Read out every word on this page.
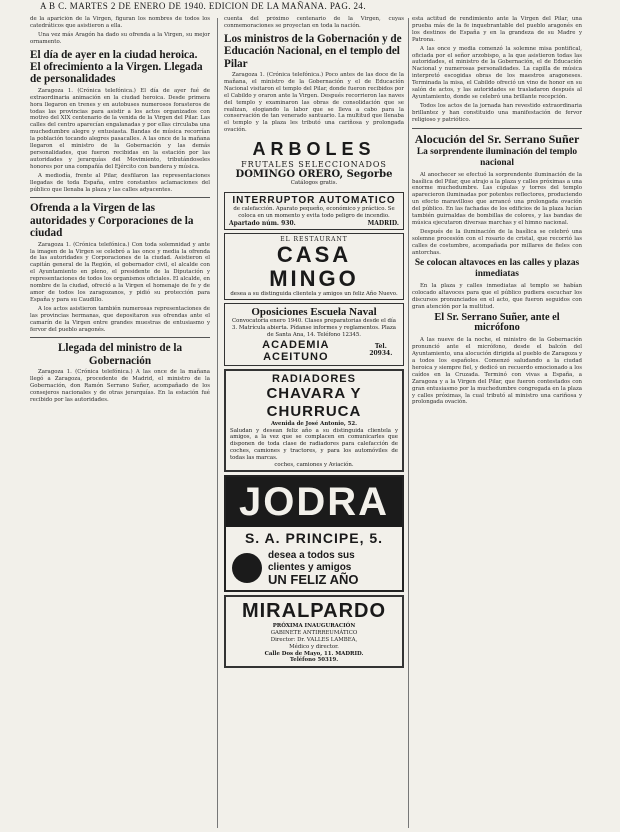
A B C. MARTES 2 DE ENERO DE 1940. EDICION DE LA MAÑANA. PAG. 24.

de la aparición de la Virgen, figuran los nombres de todos los catedráticos que asistieron a ella.

Una vez más Aragón ha dado su ofrenda a la Virgen, su mejor ornamento.

El día de ayer en la ciudad heroica. El ofrecimiento a la Virgen. Llegada de personalidades

Zaragoza 1. (Crónica telefónica.) El día de ayer fué de extraordinaria animación en la ciudad heroica. Desde primera hora llegaron en trenes y en autobuses numerosos forasteros de todas las provincias para asistir a los actos organizados con motivo del XIX centenario de la venida de la Virgen del Pilar. Las calles del centro aparecían engalanadas y por ellas circulaba una muchedumbre alegre y entusiasta. Bandas de música recorrían la población tocando alegres pasacalles. A las once de la mañana llegaron el ministro de la Gobernación y las demás personalidades, que fueron recibidas en la estación por las autoridades y jerarquías del Movimiento, tributándoseles honores por una compañía del Ejército con bandera y música.

A mediodía, frente al Pilar, desfilaron las representaciones llegadas de toda España, entre constantes aclamaciones del público que llenaba la plaza y las calles adyacentes.

Ofrenda a la Virgen de las autoridades y Corporaciones de la ciudad

Zaragoza 1. (Crónica telefónica.) Con toda solemnidad y ante la imagen de la Virgen se celebró a las once y media la ofrenda de las autoridades y Corporaciones de la ciudad. Asistieron el capitán general de la Región, el gobernador civil, el alcalde con el Ayuntamiento en pleno, el presidente de la Diputación y representaciones de todos los organismos oficiales. El alcalde, en nombre de la ciudad, ofreció a la Virgen el homenaje de fe y de amor de todos los zaragozanos, y pidió su protección para España y para su Caudillo.

A los actos asistieron también numerosas representaciones de las provincias hermanas, que depositaron sus ofrendas ante el camarín de la Virgen entre grandes muestras de entusiasmo y fervor del pueblo aragonés.

Llegada del ministro de la Gobernación

Zaragoza 1. (Crónica telefónica.) A las once de la mañana llegó a Zaragoza, procedente de Madrid, el ministro de la Gobernación, don Ramón Serrano Suñer, acompañado de los consejeros nacionales y de otras jerarquías. En la estación fué recibido por las autoridades.

cuenta del próximo centenario de la Virgen, cuyas conmemoraciones se proyectan en toda la nación.

Los ministros de la Gobernación y de Educación Nacional, en el templo del Pilar

Zaragoza 1. (Crónica telefónica.) Poco antes de las doce de la mañana, el ministro de la Gobernación y el de Educación Nacional visitaron el templo del Pilar, donde fueron recibidos por el Cabildo y oraron ante la Virgen. Después recorrieron las naves del templo y examinaron las obras de consolidación que se realizan, elogiando la labor que se lleva a cabo para la conservación de tan venerado santuario. La multitud que llenaba el templo y la plaza les tributó una cariñosa y prolongada ovación.

ARBOLES
FRUTALES SELECCIONADOS
DOMINGO ORERO, Segorbe
Catálogos gratis.
INTERRUPTOR AUTOMATICO
de calefacción. Aparato pequeño, económico y práctico. Se coloca en un momento y evita todo peligro de incendio.
Apartado núm. 930.	MADRID.
EL RESTAURANT
CASA MINGO
desea a su distinguida clientela y amigos un feliz Año Nuevo.
Oposiciones Escuela Naval
Convocatoria enero 1940. Clases preparatorias desde el día 3. Matrícula abierta. Pídanse informes y reglamentos. Plaza de Santa Ana, 14. Teléfono 12345.
ACADEMIA ACEITUNO
Tel. 20934.
RADIADORES
CHAVARA Y CHURRUCA
Avenida de José Antonio, 52.
Saludan y desean feliz año a su distinguida clientela y amigos, a la vez que se complacen en comunicarles que disponen de toda clase de radiadores para calefacción de coches, camiones y tractores, y para los automóviles de todas las marcas.
coches, camiones y Aviación.
JODRA
S. A. PRINCIPE, 5.
desea a todos sus
clientes y amigos
UN FELIZ AÑO
MIRALPARDO
PRÓXIMA INAUGURACIÓN
GABINETE ANTIRREUMÁTICO
Director: Dr. VALLES LAMBEA,
Médico y director.
Calle Dos de Mayo, 11. MADRID.
Teléfono 50319.

esta actitud de rendimiento ante la Virgen del Pilar, una prueba más de la fe inquebrantable del pueblo aragonés en los destinos de España y en la grandeza de su Madre y Patrona.

A las once y media comenzó la solemne misa pontifical, oficiada por el señor arzobispo, a la que asistieron todas las autoridades, el ministro de la Gobernación, el de Educación Nacional y numerosas personalidades. La capilla de música interpretó escogidas obras de los maestros aragoneses. Terminada la misa, el Cabildo ofreció un vino de honor en su salón de actos, y las autoridades se trasladaron después al Ayuntamiento, donde se celebró una brillante recepción.

Todos los actos de la jornada han revestido extraordinaria brillantez y han constituido una manifestación de fervor religioso y patriótico.

Alocución del Sr. Serrano Suñer
La sorprendente iluminación del templo nacional

Al anochecer se efectuó la sorprendente iluminación de la basílica del Pilar, que atrajo a la plaza y calles próximas a una enorme muchedumbre. Las cúpulas y torres del templo aparecieron iluminadas por potentes reflectores, produciendo un efecto maravilloso que arrancó una prolongada ovación del público. En las fachadas de los edificios de la plaza lucían también guirnaldas de bombillas de colores, y las bandas de música ejecutaron diversas marchas y el himno nacional.

Después de la iluminación de la basílica se celebró una solemne procesión con el rosario de cristal, que recorrió las calles de costumbre, acompañada por millares de fieles con antorchas.

Se colocan altavoces en las calles y plazas inmediatas

En la plaza y calles inmediatas al templo se habían colocado altavoces para que el público pudiera escuchar los discursos pronunciados en el acto, que fueron seguidos con gran atención por la multitud.

El Sr. Serrano Suñer, ante el micrófono

A las nueve de la noche, el ministro de la Gobernación pronunció ante el micrófono, desde el balcón del Ayuntamiento, una alocución dirigida al pueblo de Zaragoza y a todos los españoles. Comenzó saludando a la ciudad heroica y siempre fiel, y dedicó un recuerdo emocionado a los caídos en la Cruzada. Terminó con vivas a España, a Zaragoza y a la Virgen del Pilar, que fueron contestados con gran entusiasmo por la muchedumbre congregada en la plaza y calles próximas, la cual tributó al ministro una cariñosa y prolongada ovación.
